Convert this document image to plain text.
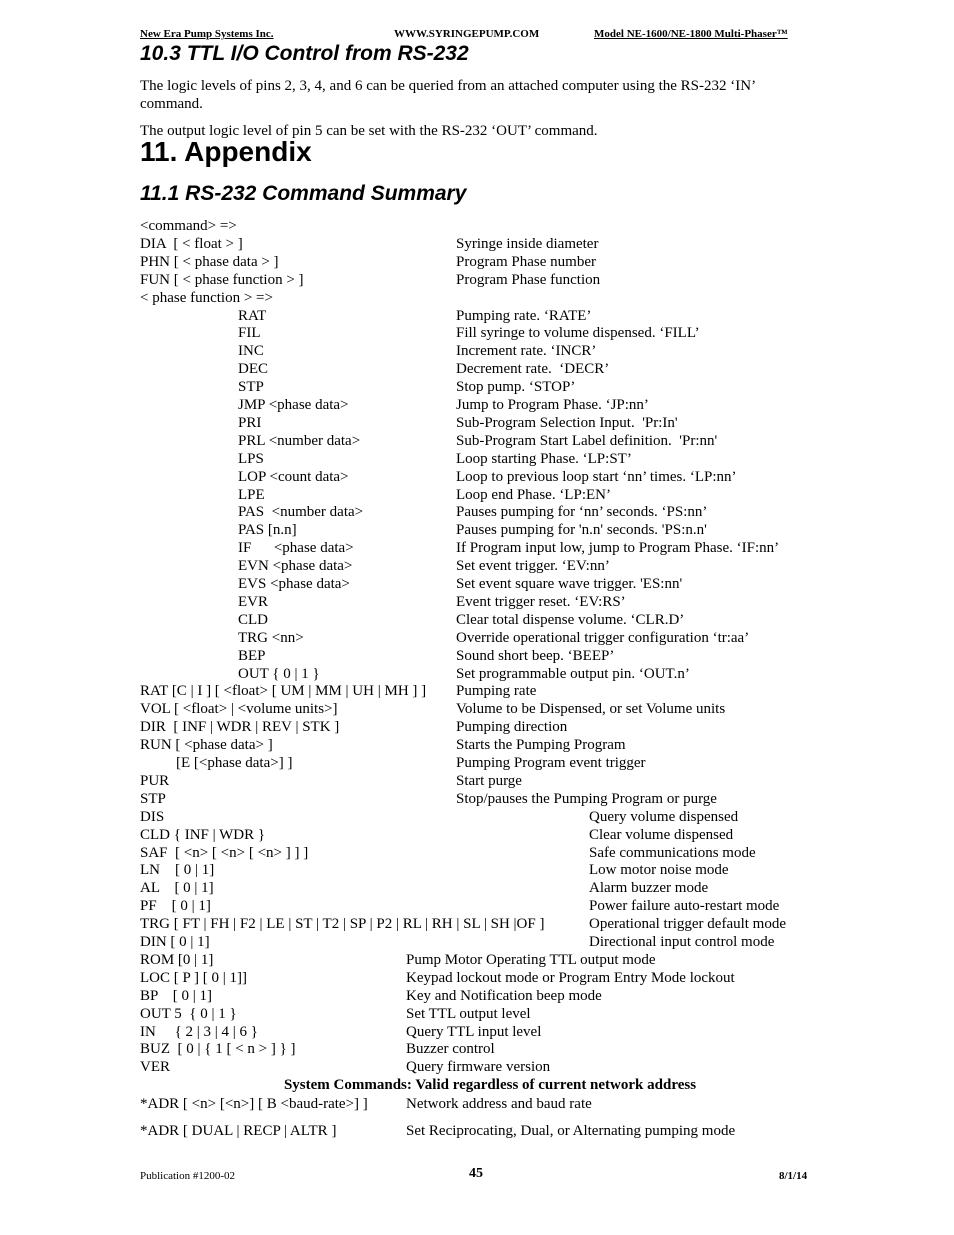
New Era Pump Systems Inc.	WWW.SYRINGEPUMP.COM	Model NE-1600/NE-1800 Multi-Phaser™
10.3 TTL I/O Control from RS-232
The logic levels of pins 2, 3, 4, and 6 can be queried from an attached computer using the RS-232 ‘IN’ command.
The output logic level of pin 5 can be set with the RS-232 ‘OUT’ command.
11. Appendix
11.1 RS-232 Command Summary
<command> =>
DIA  [ < float > ]	Syringe inside diameter
PHN [ < phase data > ]	Program Phase number
FUN [ < phase function > ]	Program Phase function
< phase function > =>
RAT	Pumping rate. ‘RATE’
FIL	Fill syringe to volume dispensed. ‘FILL’
INC	Increment rate. ‘INCR’
DEC	Decrement rate.  ‘DECR’
STP	Stop pump. ‘STOP’
JMP <phase data>	Jump to Program Phase. ‘JP:nn’
PRI	Sub-Program Selection Input.  'Pr:In'
PRL <number data>	Sub-Program Start Label definition.  'Pr:nn'
LPS	Loop starting Phase. ‘LP:ST’
LOP <count data>	Loop to previous loop start ‘nn’ times. ‘LP:nn’
LPE	Loop end Phase. ‘LP:EN’
PAS  <number data>	Pauses pumping for ‘nn’ seconds. ‘PS:nn’
PAS [n.n]	Pauses pumping for 'n.n' seconds. 'PS:n.n'
IF      <phase data>	If Program input low, jump to Program Phase. ‘IF:nn’
EVN <phase data>	Set event trigger. ‘EV:nn’
EVS <phase data>	Set event square wave trigger. 'ES:nn'
EVR	Event trigger reset. ‘EV:RS’
CLD	Clear total dispense volume. ‘CLR.D’
TRG <nn>	Override operational trigger configuration ‘tr:aa’
BEP	Sound short beep. ‘BEEP’
OUT { 0 | 1 }	Set programmable output pin. ‘OUT.n’
RAT [C | I ] [ <float> [ UM | MM | UH | MH ] ] Pumping rate
VOL [ <float> | <volume units>]	Volume to be Dispensed, or set Volume units
DIR  [ INF | WDR | REV | STK ]	Pumping direction
RUN [ <phase data> ]	Starts the Pumping Program
[E [<phase data>] ]	Pumping Program event trigger
PUR	Start purge
STP	Stop/pauses the Pumping Program or purge
DIS	Query volume dispensed
CLD { INF | WDR }	Clear volume dispensed
SAF  [ <n> [ <n> [ <n> ] ] ]	Safe communications mode
LN    [ 0 | 1]	Low motor noise mode
AL    [ 0 | 1]	Alarm buzzer mode
PF    [ 0 | 1]	Power failure auto-restart mode
TRG [ FT | FH | F2 | LE | ST | T2 | SP | P2 | RL | RH | SL | SH |OF ]	Operational trigger default mode
DIN [ 0 | 1]	Directional input control mode
ROM [0 | 1]	Pump Motor Operating TTL output mode
LOC [ P ] [ 0 | 1]]	Keypad lockout mode or Program Entry Mode lockout
BP    [ 0 | 1]	Key and Notification beep mode
OUT 5  { 0 | 1 }	Set TTL output level
IN     { 2 | 3 | 4 | 6 }	Query TTL input level
BUZ  [ 0 | { 1 [ < n > ] } ]	Buzzer control
VER	Query firmware version
System Commands: Valid regardless of current network address
*ADR [ <n> [<n>] [ B <baud-rate>] ]	Network address and baud rate
*ADR [ DUAL | RECP | ALTR ]	Set Reciprocating, Dual, or Alternating pumping mode
Publication #1200-02	45	8/1/14
